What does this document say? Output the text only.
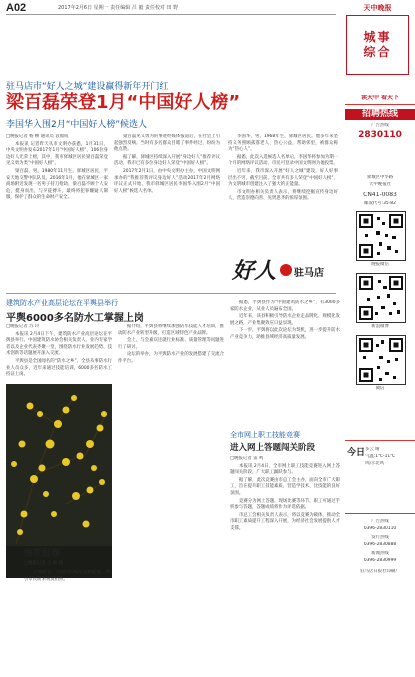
A02	2017年2月6日 星期一 责任编辑 吕 毅 责任校对 田 野	天中晚报
城事
综合
驻马店市“好人之城”建设赢得新年开门红
梁百磊荣登1月“中国好人榜”
李国华入围2月“中国好人榜”候选人
□晚报记者 杨 柳 通讯员 袁福成

本报讯 记者昨天从市文明办获悉，1月31日，中央文明办发布2017年1月“中国好人榜”，106位身边好人光荣上榜，其中，我市驿城区居民梁百磊荣登见义勇为类“中国好人榜”。

梁百磊，男，1980年11月生，驿城区居民，平安天地交警中队队员。2016年1月，他在驿城区一家商场附近发现一名男子持刀抢劫，梁百磊不顾个人安危，挺身而出，与歹徒搏斗，最终将犯罪嫌疑人制服，保护了群众的生命财产安全。

梁百磊见义勇为的事迹经媒体报道后，在社会上引起强烈反响。当时有多名群众目睹了事件经过，纷纷为他点赞。

据了解，驿城区持续深入开展“身边好人”推荐评议活动，我市已有多位身边好人荣登“中国好人榜”。

2017年2月1日，由中央文明办主办，中国文明网承办的“我推荐我评议身边好人”活动2017年2月网络评议正式开始，我市驿城区居民李国华入围2月“中国好人榜”候选人名单。

李国华，男，1968年生，驿城区居民。他多年来坚持义务照顾孤寡老人，热心公益，帮助邻里，被群众称为“热心人”。

据悉，此次入选候选人名单后，李国华将参加为期一个月的网络评议活动，市民可登录中国文明网为他投票。

近年来，我市深入开展“好人之城”建设，好人好事层出不穷，截至目前，全市共有多人荣登“中国好人榜”，为文明城市创建注入了强大的正能量。

市文明办相关负责人表示，将继续挖掘宣传身边好人，营造崇德向善、见贤思齐的浓厚氛围。

好人 驻马店
建筑防水产业高层论坛在平舆县举行
平舆6000多名防水工掌握上岗
□晚报记者 苏 玲

本报讯 2月4日下午，建筑防水产业高层论坛在平舆县举行。中国建筑防水协会相关负责人、业内专家学者以及企业代表齐聚一堂，围绕防水行业发展趋势、技术创新等话题展开深入交流。

平舆县是全国闻名的“防水之乡”，全县从事防水行业人员众多，近年来通过技能培训，6000多名防水工持证上岗。

据介绍，平舆县将继续加强防水技能人才培训，推动防水产业转型升级，打造区域特色产业品牌。

会上，与会嘉宾还就行业标准、质量管理等问题进行了研讨。

论坛的举办，为平舆防水产业的发展搭建了交流合作平台。

据悉，平舆县作为“中国建筑防水之乡”，有3000多家防水企业，从业人员遍布全国。

近年来，该县积极引导防水企业走品牌化、规模化发展之路，产业集聚效应日益显现。

下一步，平舆将以此次论坛为契机，进一步提升防水产业竞争力，助推县域经济高质量发展。

梅花报春
□晚报记者 王 辉 摄

立春时节，公园内的梅花竞相绽放，吸引市民前来观赏拍照。

全市网上职工技能竞赛
进入网上答题闯关阶段
□晚报记者 雷 鸣

本报讯 2月4日，全市网上职工技能竞赛进入网上答题闯关阶段，广大职工踊跃参与。

据了解，此次竞赛由市总工会主办，面向全市广大职工，旨在提升职工技能素质，营造学技术、比技能的良好氛围。

竞赛分为网上答题、现场比赛等环节，职工可通过手机参与答题，答题成绩将作为评选依据。

市总工会相关负责人表示，将以竞赛为载体，推动全市职工素质提升工程深入开展，为经济社会发展提供人才支撑。

读天中 看天下
招聘热线
广告热线
2830110
驿城区中华路
天中晚报社
CN41-0083
邮发代号:35-82
晚报微信
新浪微博
微信
今日 多云 晴
气温:1℃-11℃
风向:北风
广告热线
0396-2830110
发行热线
0396-2830888
新闻热线
0396-2830999
驻马店日报社印刷厂
